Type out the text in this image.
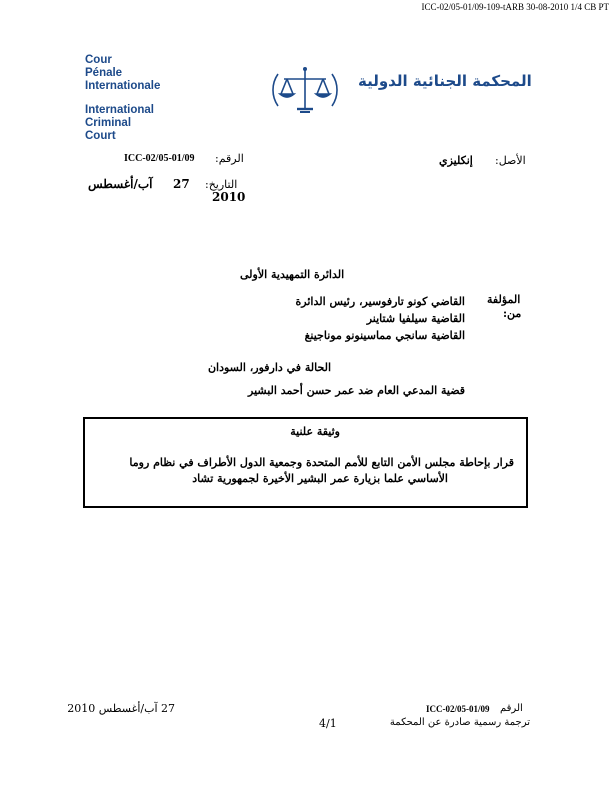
ICC-02/05-01/09-109-tARB 30-08-2010 1/4 CB PT
Cour
Pénale
Internationale
International
Criminal
Court
المحكمة الجنائية الدولية
الرقم:
ICC-02/05-01/09
التاريخ:
27
آب/أغسطس
2010
الأصل:
إنكليزي
الدائرة التمهيدية الأولى
المؤلفة
من:
القاضي كونو تارفوسير، رئيس الدائرة
القاضية سيلفيا شتاينر
القاضية سانجي مماسينونو موناجينغ
الحالة في دارفور، السودان
قضية المدعي العام ضد عمر حسن أحمد البشير
وثيقة علنية
قرار بإحاطة مجلس الأمن التابع للأمم المتحدة وجمعية الدول الأطراف في نظام روما
الأساسي علما بزيارة عمر البشير الأخيرة لجمهورية تشاد
الرقم
ICC-02/05-01/09
27 آب/أغسطس 2010
ترجمة رسمية صادرة عن المحكمة
4/1
